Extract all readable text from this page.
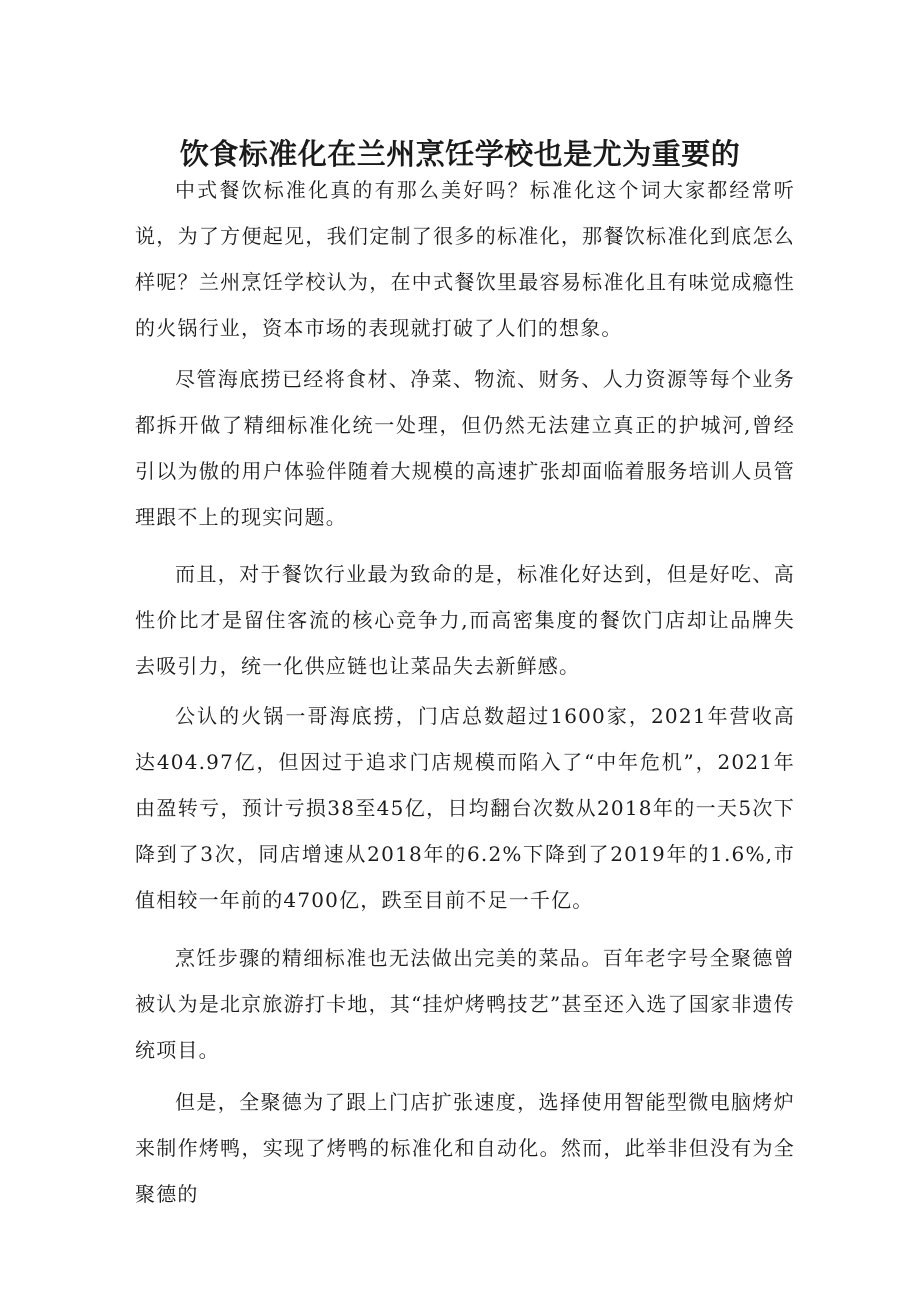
饮食标准化在兰州烹饪学校也是尤为重要的

中式餐饮标准化真的有那么美好吗？标准化这个词大家都经常听说，为了方便起见，我们定制了很多的标准化，那餐饮标准化到底怎么样呢？兰州烹饪学校认为，在中式餐饮里最容易标准化且有味觉成瘾性的火锅行业，资本市场的表现就打破了人们的想象。

尽管海底捞已经将食材、净菜、物流、财务、人力资源等每个业务都拆开做了精细标准化统一处理，但仍然无法建立真正的护城河,曾经引以为傲的用户体验伴随着大规模的高速扩张却面临着服务培训人员管理跟不上的现实问题。

而且，对于餐饮行业最为致命的是，标准化好达到，但是好吃、高性价比才是留住客流的核心竞争力,而高密集度的餐饮门店却让品牌失去吸引力，统一化供应链也让菜品失去新鲜感。

公认的火锅一哥海底捞，门店总数超过1600家，2021年营收高达404.97亿，但因过于追求门店规模而陷入了“中年危机”，2021年由盈转亏，预计亏损38至45亿，日均翻台次数从2018年的一天5次下降到了3次，同店增速从2018年的6.2%下降到了2019年的1.6%,市值相较一年前的4700亿，跌至目前不足一千亿。

烹饪步骤的精细标准也无法做出完美的菜品。百年老字号全聚德曾被认为是北京旅游打卡地，其“挂炉烤鸭技艺”甚至还入选了国家非遗传统项目。

但是，全聚德为了跟上门店扩张速度，选择使用智能型微电脑烤炉来制作烤鸭，实现了烤鸭的标准化和自动化。然而，此举非但没有为全聚德的
